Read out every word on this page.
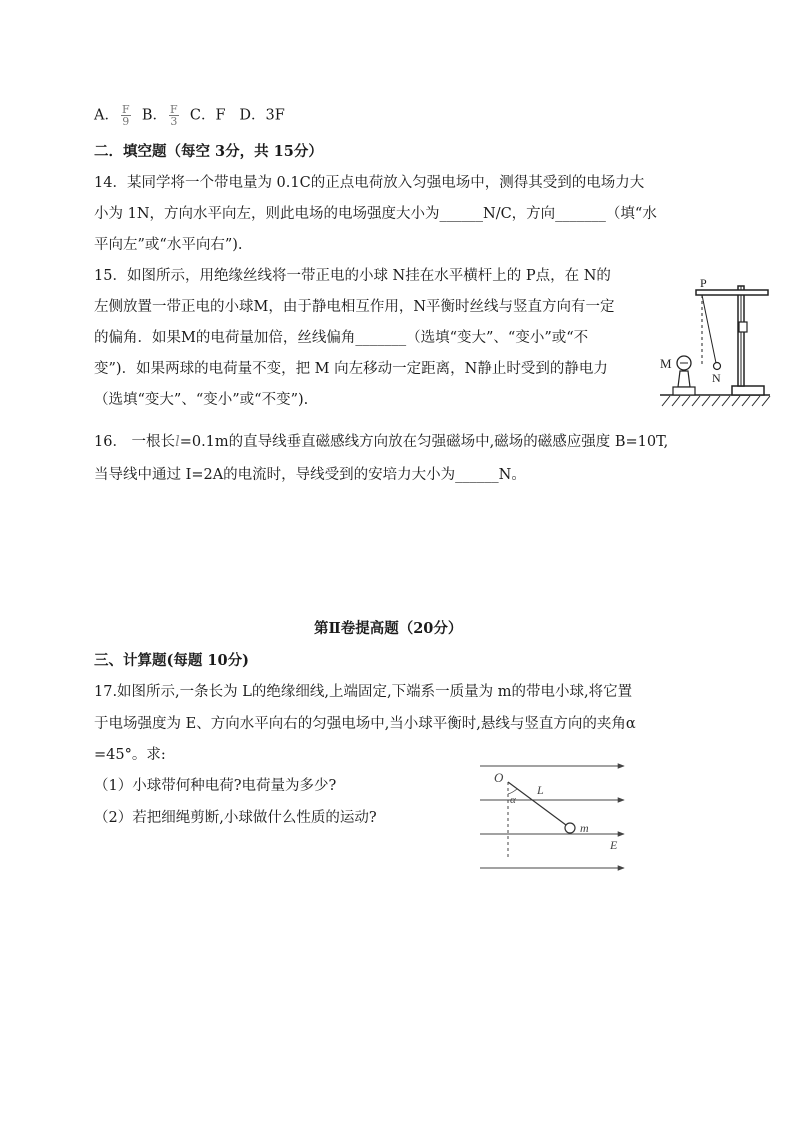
A． $\frac{F}{9}$ B． $\frac{F}{3}$ C．F D．3F
二．填空题（每空 3分，共 15分）
14．某同学将一个带电量为 0.1C的正点电荷放入匀强电场中，测得其受到的电场力大
小为 1N，方向水平向左，则此电场的电场强度大小为______N/C，方向_______（填“水
平向左”或“水平向右”).
15．如图所示，用绝缘丝线将一带正电的小球 N挂在水平横杆上的 P点，在 N的
左侧放置一带正电的小球M，由于静电相互作用，N平衡时丝线与竖直方向有一定
的偏角．如果M的电荷量加倍，丝线偏角_______（选填“变大”、“变小”或“不
变”)．如果两球的电荷量不变，把 M 向左移动一定距离，N静止时受到的静电力
（选填“变大”、“变小”或“不变”).
P
M
N
16． 一根长l=0.1m的直导线垂直磁感线方向放在匀强磁场中,磁场的磁感应强度 B=10T,
当导线中通过 I=2A的电流时，导线受到的安培力大小为______N。
第Ⅱ卷提高题（20分）
三、计算题(每题 10分)
17.如图所示,一条长为 L的绝缘细线,上端固定,下端系一质量为 m的带电小球,将它置
于电场强度为 E、方向水平向右的匀强电场中,当小球平衡时,悬线与竖直方向的夹角α
=45°。求:
（1）小球带何种电荷?电荷量为多少?
（2）若把细绳剪断,小球做什么性质的运动?
O
α
L
m
E
